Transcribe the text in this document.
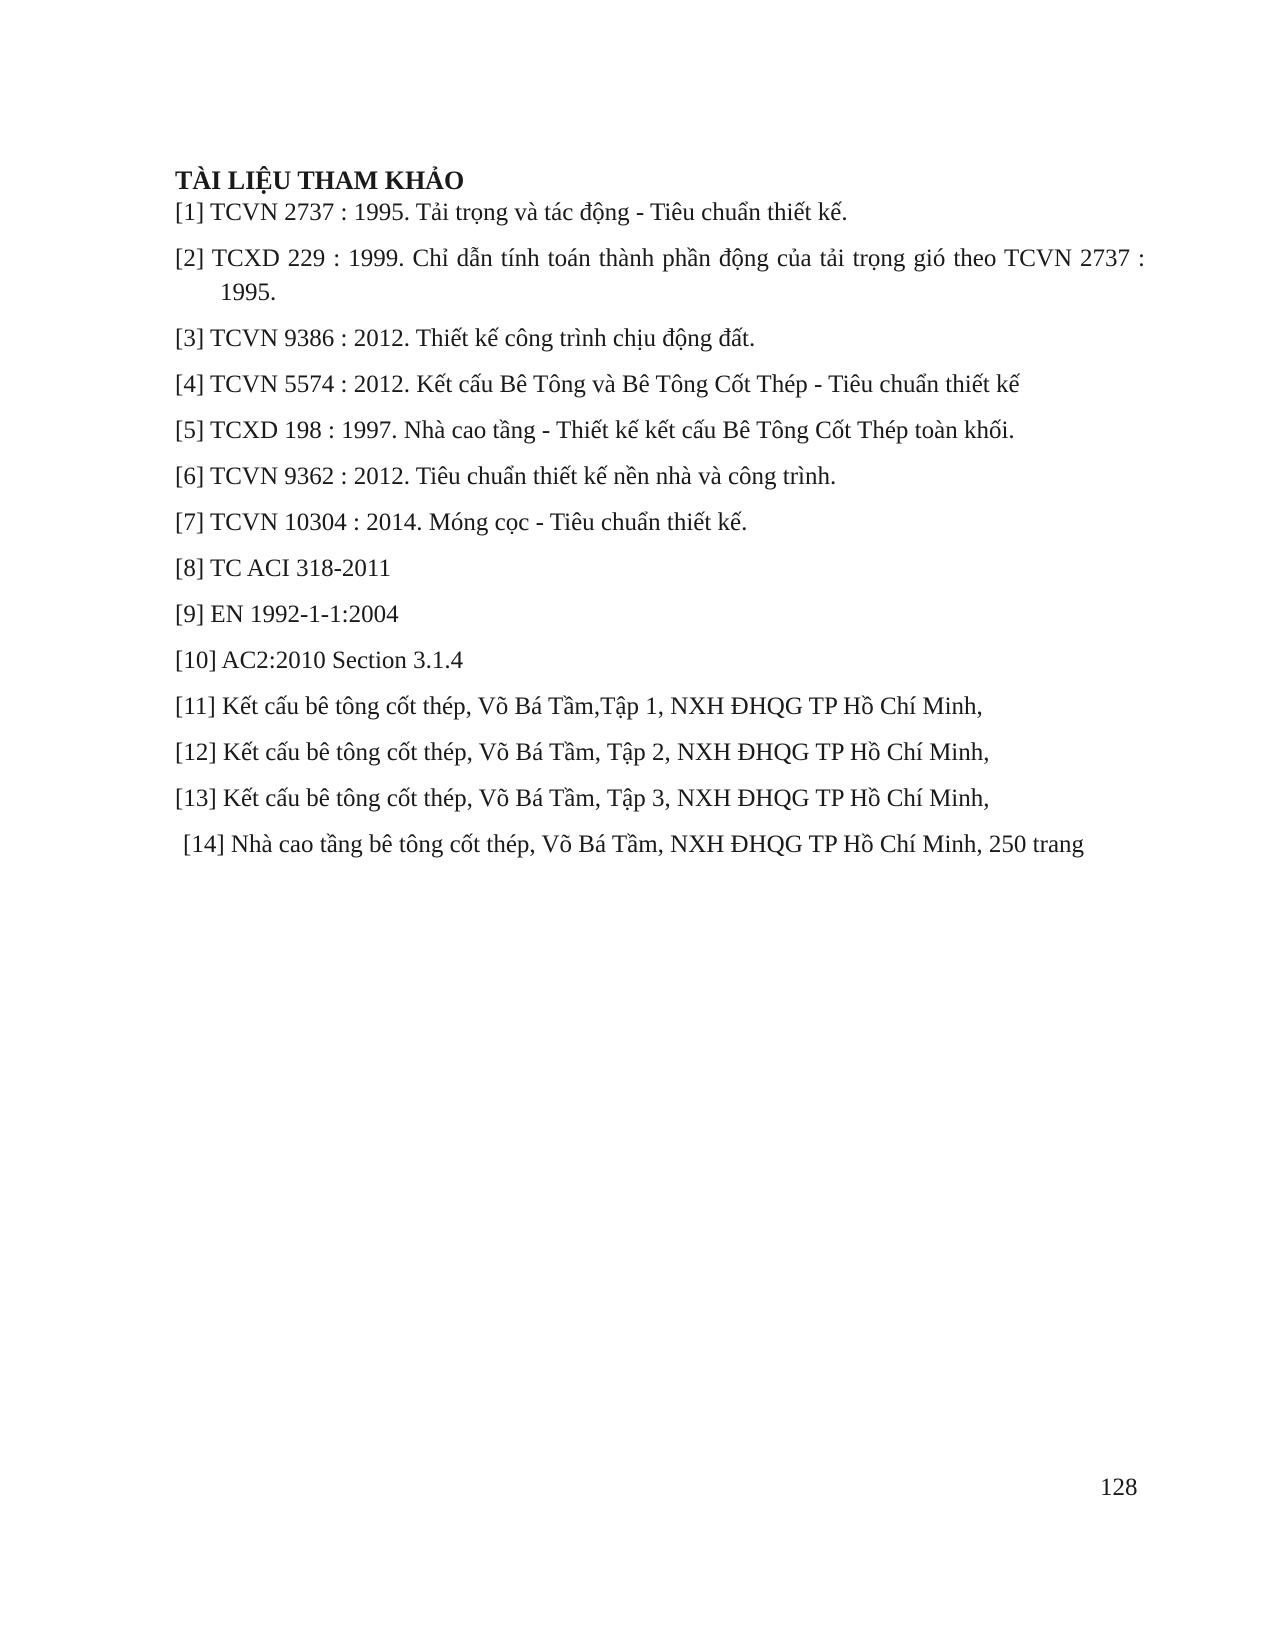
TÀI LIỆU THAM KHẢO
[1] TCVN 2737 : 1995. Tải trọng và tác động - Tiêu chuẩn thiết kế.
[2] TCXD 229 : 1999. Chỉ dẫn tính toán thành phần động của tải trọng gió theo TCVN 2737 : 1995.
[3] TCVN 9386 : 2012. Thiết kế công trình chịu động đất.
[4] TCVN 5574 : 2012. Kết cấu Bê Tông và Bê Tông Cốt Thép - Tiêu chuẩn thiết kế
[5] TCXD 198 : 1997. Nhà cao tầng - Thiết kế kết cấu Bê Tông Cốt Thép toàn khối.
[6] TCVN 9362 : 2012. Tiêu chuẩn thiết kế nền nhà và công trình.
[7] TCVN 10304 : 2014. Móng cọc - Tiêu chuẩn thiết kế.
[8] TC ACI 318-2011
[9] EN 1992-1-1:2004
[10] AC2:2010 Section 3.1.4
[11] Kết cấu bê tông cốt thép, Võ Bá Tầm,Tập 1, NXH ĐHQG TP Hồ Chí Minh,
[12] Kết cấu bê tông cốt thép, Võ Bá Tầm, Tập 2, NXH ĐHQG TP Hồ Chí Minh,
[13] Kết cấu bê tông cốt thép, Võ Bá Tầm, Tập 3, NXH ĐHQG TP Hồ Chí Minh,
[14] Nhà cao tầng bê tông cốt thép, Võ Bá Tầm, NXH ĐHQG TP Hồ Chí Minh, 250 trang
128
